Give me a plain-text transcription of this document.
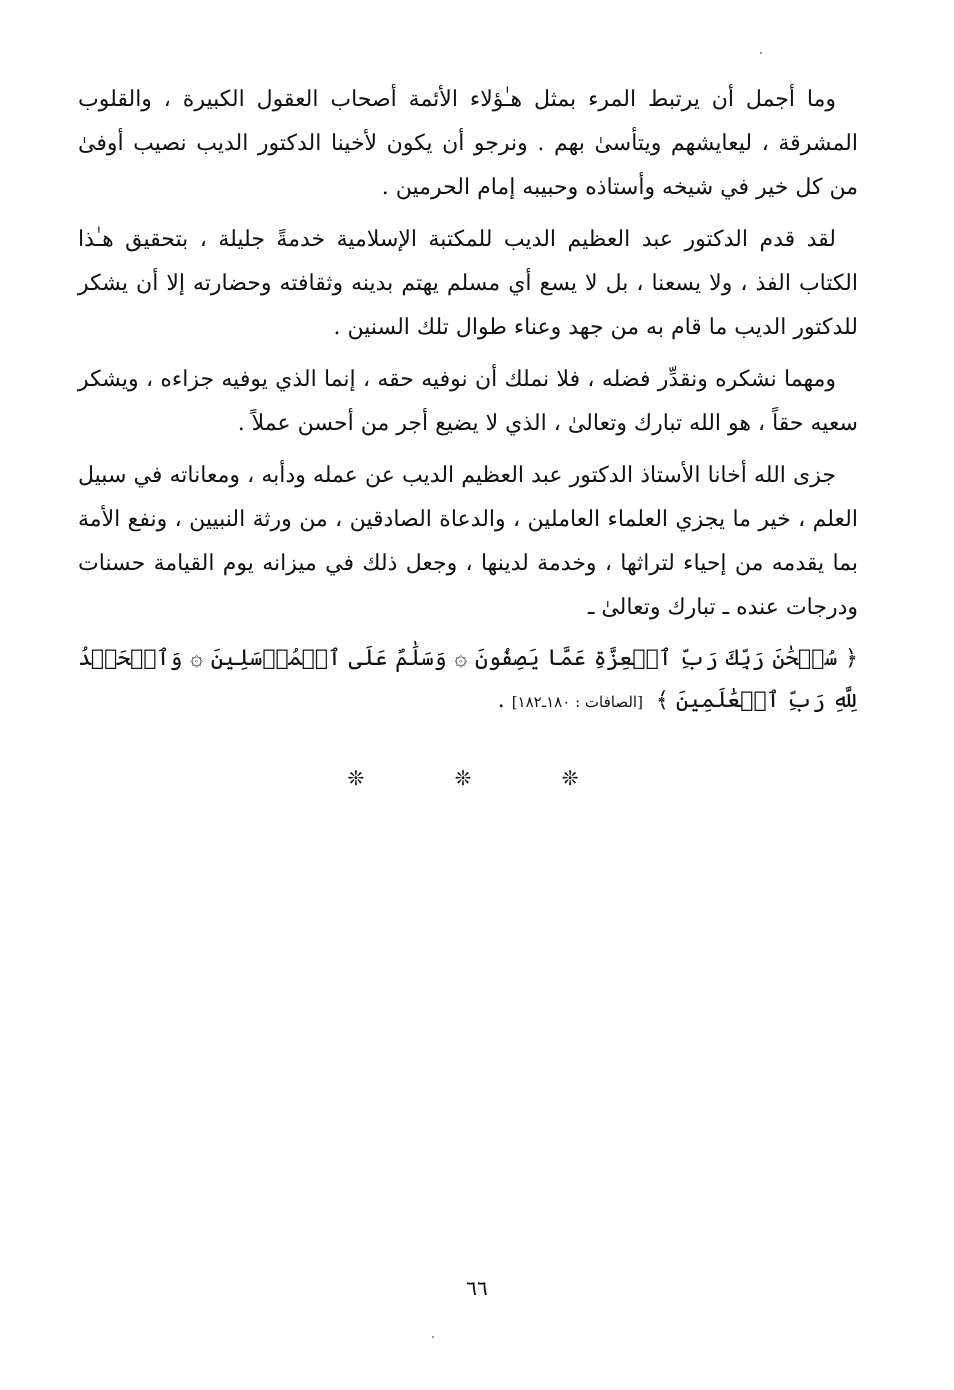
وما أجمل أن يرتبط المرء بمثل هـٰؤلاء الأئمة أصحاب العقول الكبيرة ، والقلوب المشرقة ، ليعايشهم ويتأسىٰ بهم . ونرجو أن يكون لأخينا الدكتور الديب نصيب أوفىٰ من كل خير في شيخه وأستاذه وحبيبه إمام الحرمين .

لقد قدم الدكتور عبد العظيم الديب للمكتبة الإسلامية خدمةً جليلة ، بتحقيق هـٰذا الكتاب الفذ ، ولا يسعنا ، بل لا يسع أي مسلم يهتم بدينه وثقافته وحضارته إلا أن يشكر للدكتور الديب ما قام به من جهد وعناء طوال تلك السنين .

ومهما نشكره ونقدِّر فضله ، فلا نملك أن نوفيه حقه ، إنما الذي يوفيه جزاءه ، ويشكر سعيه حقاً ، هو الله تبارك وتعالىٰ ، الذي لا يضيع أجر من أحسن عملاً .

جزى الله أخانا الأستاذ الدكتور عبد العظيم الديب عن عمله ودأبه ، ومعاناته في سبيل العلم ، خير ما يجزي العلماء العاملين ، والدعاة الصادقين ، من ورثة النبيين ، ونفع الأمة بما يقدمه من إحياء لتراثها ، وخدمة لدينها ، وجعل ذلك في ميزانه يوم القيامة حسنات ودرجات عنده ـ تبارك وتعالىٰ ـ

﴿ سُبۡحَٰنَ رَبِّكَ رَبِّ ٱلۡعِزَّةِ عَمَّا يَصِفُونَ ۞ وَسَلَٰمٌ عَلَى ٱلۡمُرۡسَلِينَ ۞ وَٱلۡحَمۡدُ لِلَّهِ رَبِّ ٱلۡعَٰلَمِينَ ﴾ [الصافات : ١٨٠ـ١٨٢] .

❊ ❊ ❊
٦٦
